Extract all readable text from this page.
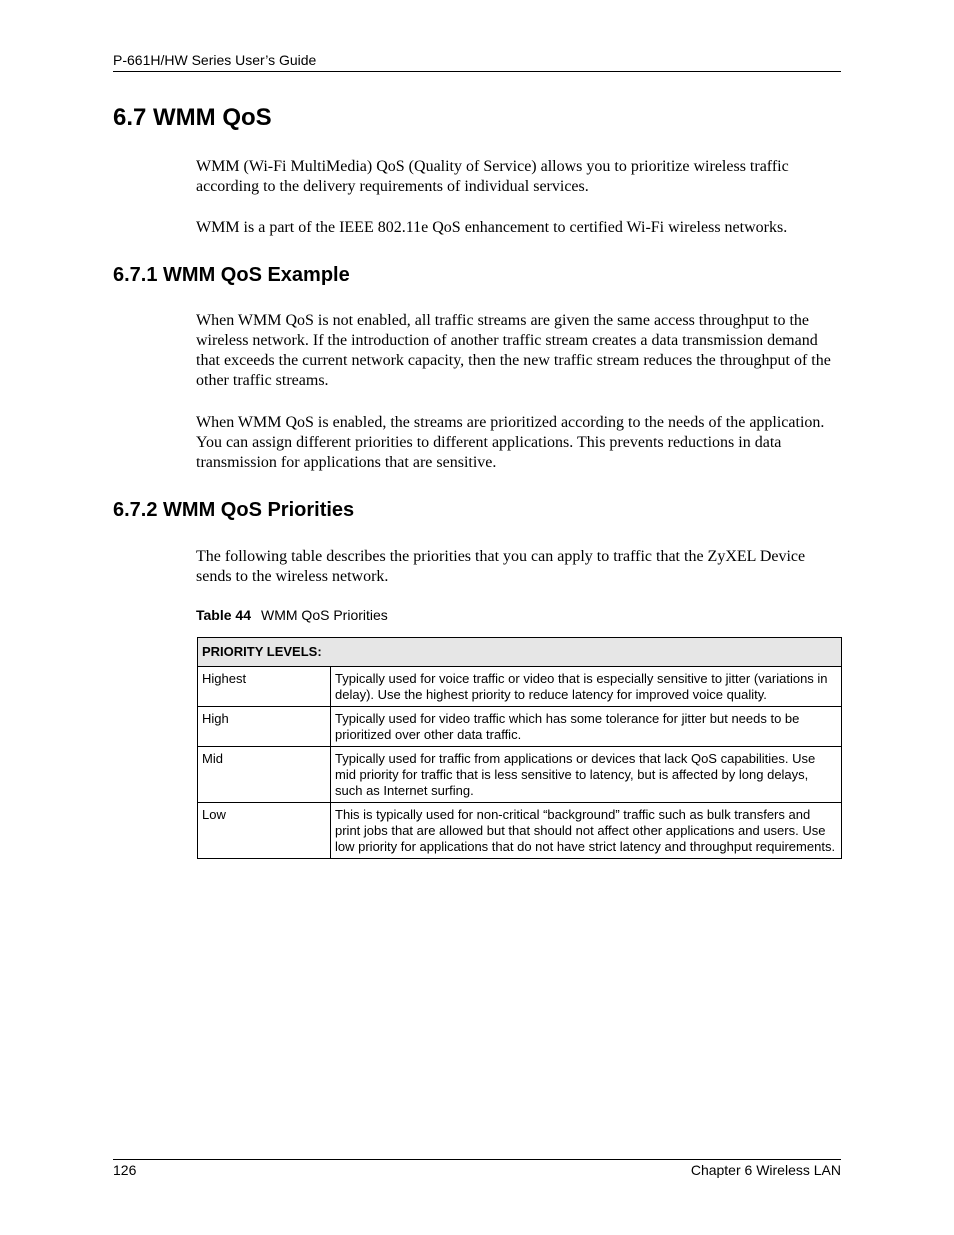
P-661H/HW Series User’s Guide
6.7 WMM QoS

WMM (Wi-Fi MultiMedia) QoS (Quality of Service) allows you to prioritize wireless traffic according to the delivery requirements of individual services.

WMM is a part of the IEEE 802.11e QoS enhancement to certified Wi-Fi wireless networks.

6.7.1 WMM QoS Example

When WMM QoS is not enabled, all traffic streams are given the same access throughput to the wireless network. If the introduction of another traffic stream creates a data transmission demand that exceeds the current network capacity, then the new traffic stream reduces the throughput of the other traffic streams.

When WMM QoS is enabled, the streams are prioritized according to the needs of the application. You can assign different priorities to different applications. This prevents reductions in data transmission for applications that are sensitive.

6.7.2 WMM QoS Priorities

The following table describes the priorities that you can apply to traffic that the ZyXEL Device sends to the wireless network.

Table 44 WMM QoS Priorities
PRIORITY LEVELS:	
Highest	Typically used for voice traffic or video that is especially sensitive to jitter (variations in delay). Use the highest priority to reduce latency for improved voice quality.
High	Typically used for video traffic which has some tolerance for jitter but needs to be prioritized over other data traffic.
Mid	Typically used for traffic from applications or devices that lack QoS capabilities. Use mid priority for traffic that is less sensitive to latency, but is affected by long delays, such as Internet surfing.
Low	This is typically used for non-critical “background” traffic such as bulk transfers and print jobs that are allowed but that should not affect other applications and users. Use low priority for applications that do not have strict latency and throughput requirements.
126	Chapter 6 Wireless LAN
